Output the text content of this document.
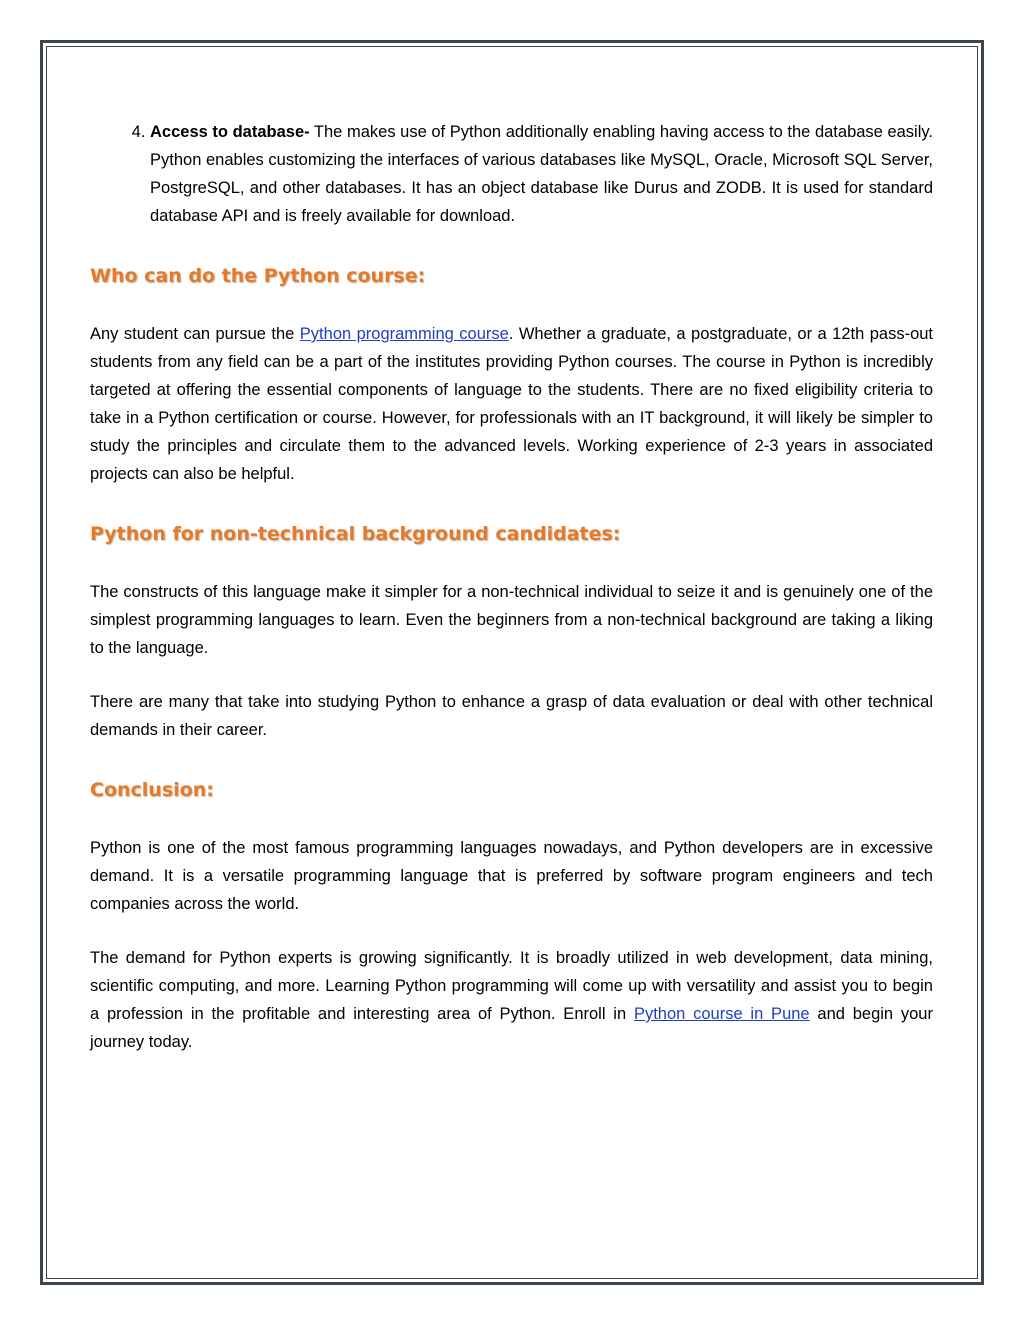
4. Access to database- The makes use of Python additionally enabling having access to the database easily. Python enables customizing the interfaces of various databases like MySQL, Oracle, Microsoft SQL Server, PostgreSQL, and other databases. It has an object database like Durus and ZODB. It is used for standard database API and is freely available for download.
Who can do the Python course:

Any student can pursue the Python programming course. Whether a graduate, a postgraduate, or a 12th pass-out students from any field can be a part of the institutes providing Python courses. The course in Python is incredibly targeted at offering the essential components of language to the students. There are no fixed eligibility criteria to take in a Python certification or course. However, for professionals with an IT background, it will likely be simpler to study the principles and circulate them to the advanced levels. Working experience of 2-3 years in associated projects can also be helpful.

Python for non-technical background candidates:

The constructs of this language make it simpler for a non-technical individual to seize it and is genuinely one of the simplest programming languages to learn. Even the beginners from a non-technical background are taking a liking to the language.

There are many that take into studying Python to enhance a grasp of data evaluation or deal with other technical demands in their career.

Conclusion:

Python is one of the most famous programming languages nowadays, and Python developers are in excessive demand. It is a versatile programming language that is preferred by software program engineers and tech companies across the world.

The demand for Python experts is growing significantly. It is broadly utilized in web development, data mining, scientific computing, and more. Learning Python programming will come up with versatility and assist you to begin a profession in the profitable and interesting area of Python. Enroll in Python course in Pune and begin your journey today.
